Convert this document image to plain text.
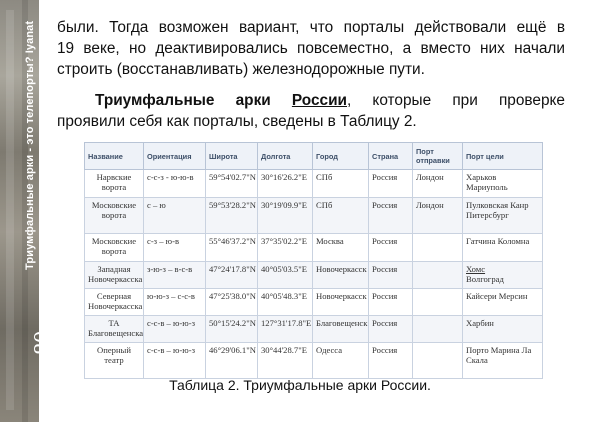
Триумфальные арки - это телепорты? Iyanat
Страница80
были. Тогда возможен вариант, что порталы действовали ещё в
19 веке, но деактивировались повсеместно, а вместо них начали
строить (восстанавливать) железнодорожные пути.
Триумфальные арки России, которые при проверке
проявили себя как порталы, сведены в Таблицу 2.
Название	Ориентация	Широта	Долгота	Город	Страна	Порт отправки	Порт цели
Нарвские ворота	с-с-з - ю-ю-в	59°54'02.7"N	30°16'26.2"E	СПб	Россия	Лондон	Харьков Мариуполь
Московские ворота	с – ю	59°53'28.2"N	30°19'09.9"E	СПб	Россия	Лондон	Пулковская Канр Питерсбург
Московские ворота	с-з – ю-в	55°46'37.2"N	37°35'02.2"E	Москва	Россия		Гатчина Коломна
Западная Новочеркасска	з-ю-з – в-с-в	47°24'17.8"N	40°05'03.5"E	Новочеркасск	Россия		Хомс
Волгоград
Северная Новочеркасска	ю-ю-з – с-с-в	47°25'38.0"N	40°05'48.3"E	Новочеркасск	Россия		Кайсери Мерсин
ТА Благовещенска	с-с-в – ю-ю-з	50°15'24.2"N	127°31'17.8"E	Благовещенск	Россия		Харбин
Оперный театр	с-с-в – ю-ю-з	46°29'06.1"N	30°44'28.7"E	Одесса	Россия		Порто Марина Ла Скала
Таблица 2. Триумфальные арки России.
